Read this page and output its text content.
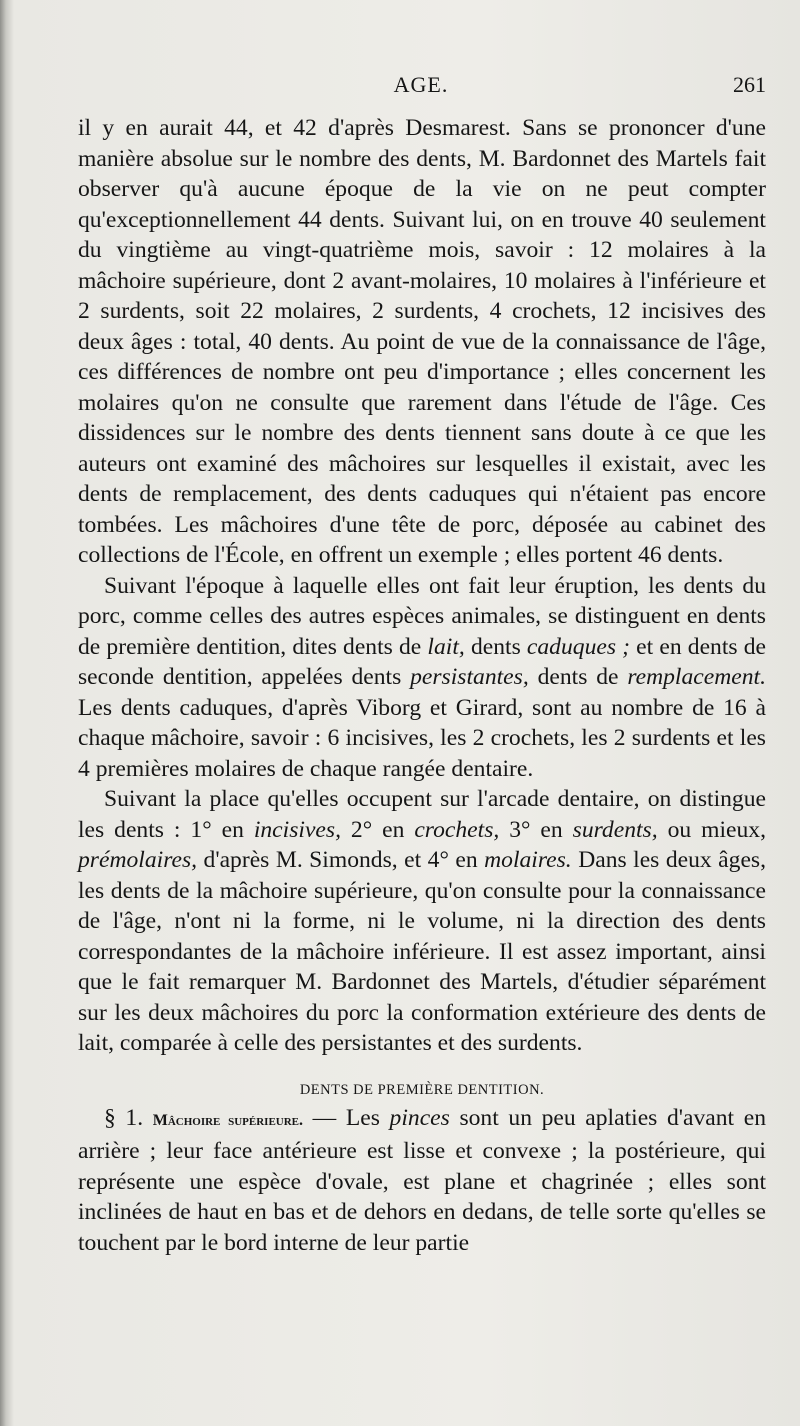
AGE.	261

il y en aurait 44, et 42 d'après Desmarest. Sans se prononcer d'une manière absolue sur le nombre des dents, M. Bardonnet des Martels fait observer qu'à aucune époque de la vie on ne peut compter qu'exceptionnellement 44 dents. Suivant lui, on en trouve 40 seulement du vingtième au vingt-quatrième mois, savoir : 12 molaires à la mâchoire supérieure, dont 2 avant-molaires, 10 molaires à l'inférieure et 2 surdents, soit 22 molaires, 2 surdents, 4 crochets, 12 incisives des deux âges : total, 40 dents. Au point de vue de la connaissance de l'âge, ces différences de nombre ont peu d'importance ; elles concernent les molaires qu'on ne consulte que rarement dans l'étude de l'âge. Ces dissidences sur le nombre des dents tiennent sans doute à ce que les auteurs ont examiné des mâchoires sur lesquelles il existait, avec les dents de remplacement, des dents caduques qui n'étaient pas encore tombées. Les mâchoires d'une tête de porc, déposée au cabinet des collections de l'École, en offrent un exemple ; elles portent 46 dents.

Suivant l'époque à laquelle elles ont fait leur éruption, les dents du porc, comme celles des autres espèces animales, se distinguent en dents de première dentition, dites dents de lait, dents caduques ; et en dents de seconde dentition, appelées dents persistantes, dents de remplacement. Les dents caduques, d'après Viborg et Girard, sont au nombre de 16 à chaque mâchoire, savoir : 6 incisives, les 2 crochets, les 2 surdents et les 4 premières molaires de chaque rangée dentaire.

Suivant la place qu'elles occupent sur l'arcade dentaire, on distingue les dents : 1° en incisives, 2° en crochets, 3° en surdents, ou mieux, prémolaires, d'après M. Simonds, et 4° en molaires. Dans les deux âges, les dents de la mâchoire supérieure, qu'on consulte pour la connaissance de l'âge, n'ont ni la forme, ni le volume, ni la direction des dents correspondantes de la mâchoire inférieure. Il est assez important, ainsi que le fait remarquer M. Bardonnet des Martels, d'étudier séparément sur les deux mâchoires du porc la conformation extérieure des dents de lait, comparée à celle des persistantes et des surdents.

DENTS DE PREMIÈRE DENTITION.

§ 1. Mâchoire supérieure. — Les pinces sont un peu aplaties d'avant en arrière ; leur face antérieure est lisse et convexe ; la postérieure, qui représente une espèce d'ovale, est plane et chagrinée ; elles sont inclinées de haut en bas et de dehors en dedans, de telle sorte qu'elles se touchent par le bord interne de leur partie
